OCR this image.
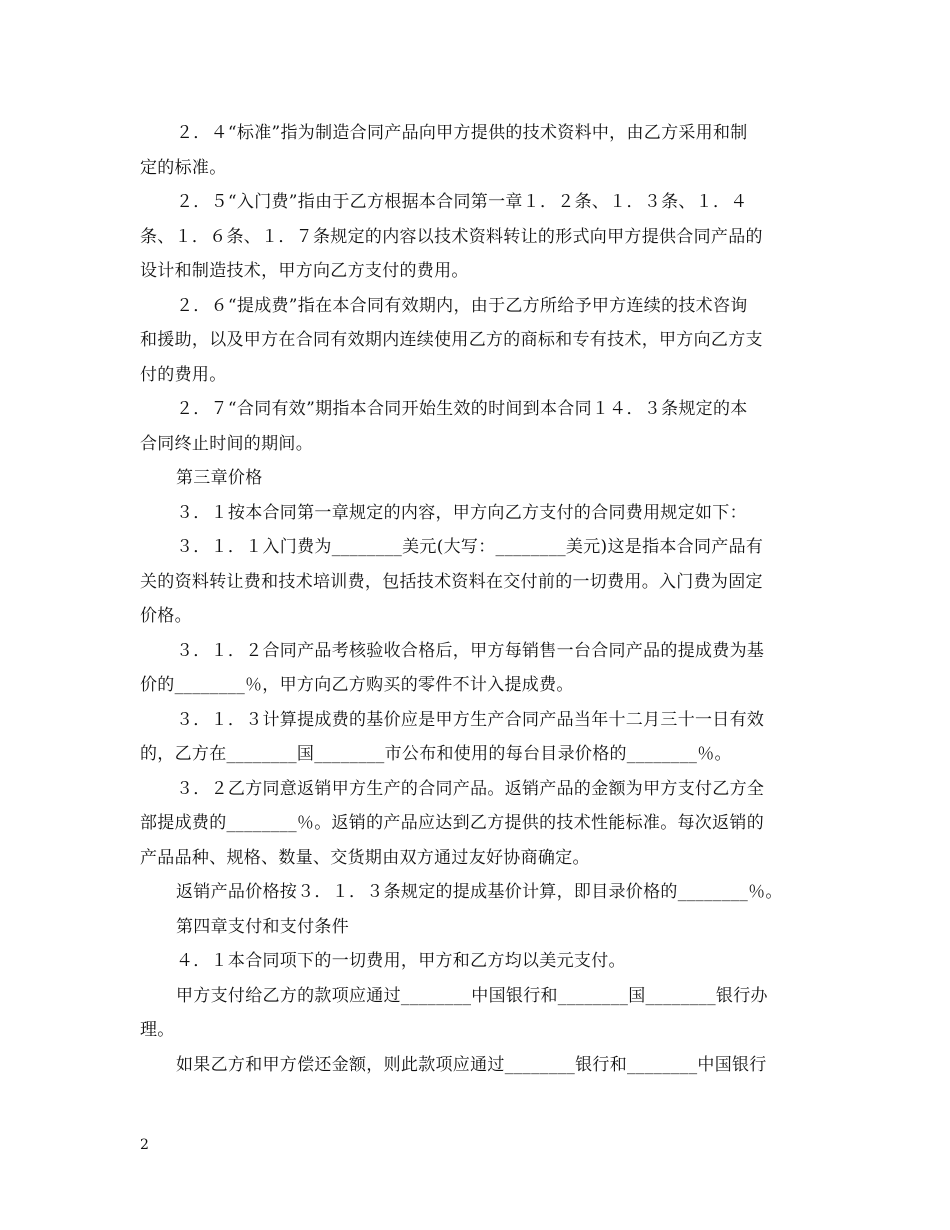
２．４“标准”指为制造合同产品向甲方提供的技术资料中，由乙方采用和制

定的标准。

２．５“入门费”指由于乙方根据本合同第一章１．２条、１．３条、１．４

条、１．６条、１．７条规定的内容以技术资料转让的形式向甲方提供合同产品的

设计和制造技术，甲方向乙方支付的费用。

２．６“提成费”指在本合同有效期内，由于乙方所给予甲方连续的技术咨询

和援助，以及甲方在合同有效期内连续使用乙方的商标和专有技术，甲方向乙方支

付的费用。

２．７“合同有效”期指本合同开始生效的时间到本合同１４．３条规定的本

合同终止时间的期间。

第三章价格

３．１按本合同第一章规定的内容，甲方向乙方支付的合同费用规定如下：

３．１．１入门费为________美元(大写：________美元)这是指本合同产品有

关的资料转让费和技术培训费，包括技术资料在交付前的一切费用。入门费为固定

价格。

３．１．２合同产品考核验收合格后，甲方每销售一台合同产品的提成费为基

价的________％，甲方向乙方购买的零件不计入提成费。

３．１．３计算提成费的基价应是甲方生产合同产品当年十二月三十一日有效

的，乙方在________国________市公布和使用的每台目录价格的________％。

３．２乙方同意返销甲方生产的合同产品。返销产品的金额为甲方支付乙方全

部提成费的________％。返销的产品应达到乙方提供的技术性能标准。每次返销的

产品品种、规格、数量、交货期由双方通过友好协商确定。

返销产品价格按３．１．３条规定的提成基价计算，即目录价格的________％。

第四章支付和支付条件

４．１本合同项下的一切费用，甲方和乙方均以美元支付。

甲方支付给乙方的款项应通过________中国银行和________国________银行办

理。

如果乙方和甲方偿还金额，则此款项应通过________银行和________中国银行

2
